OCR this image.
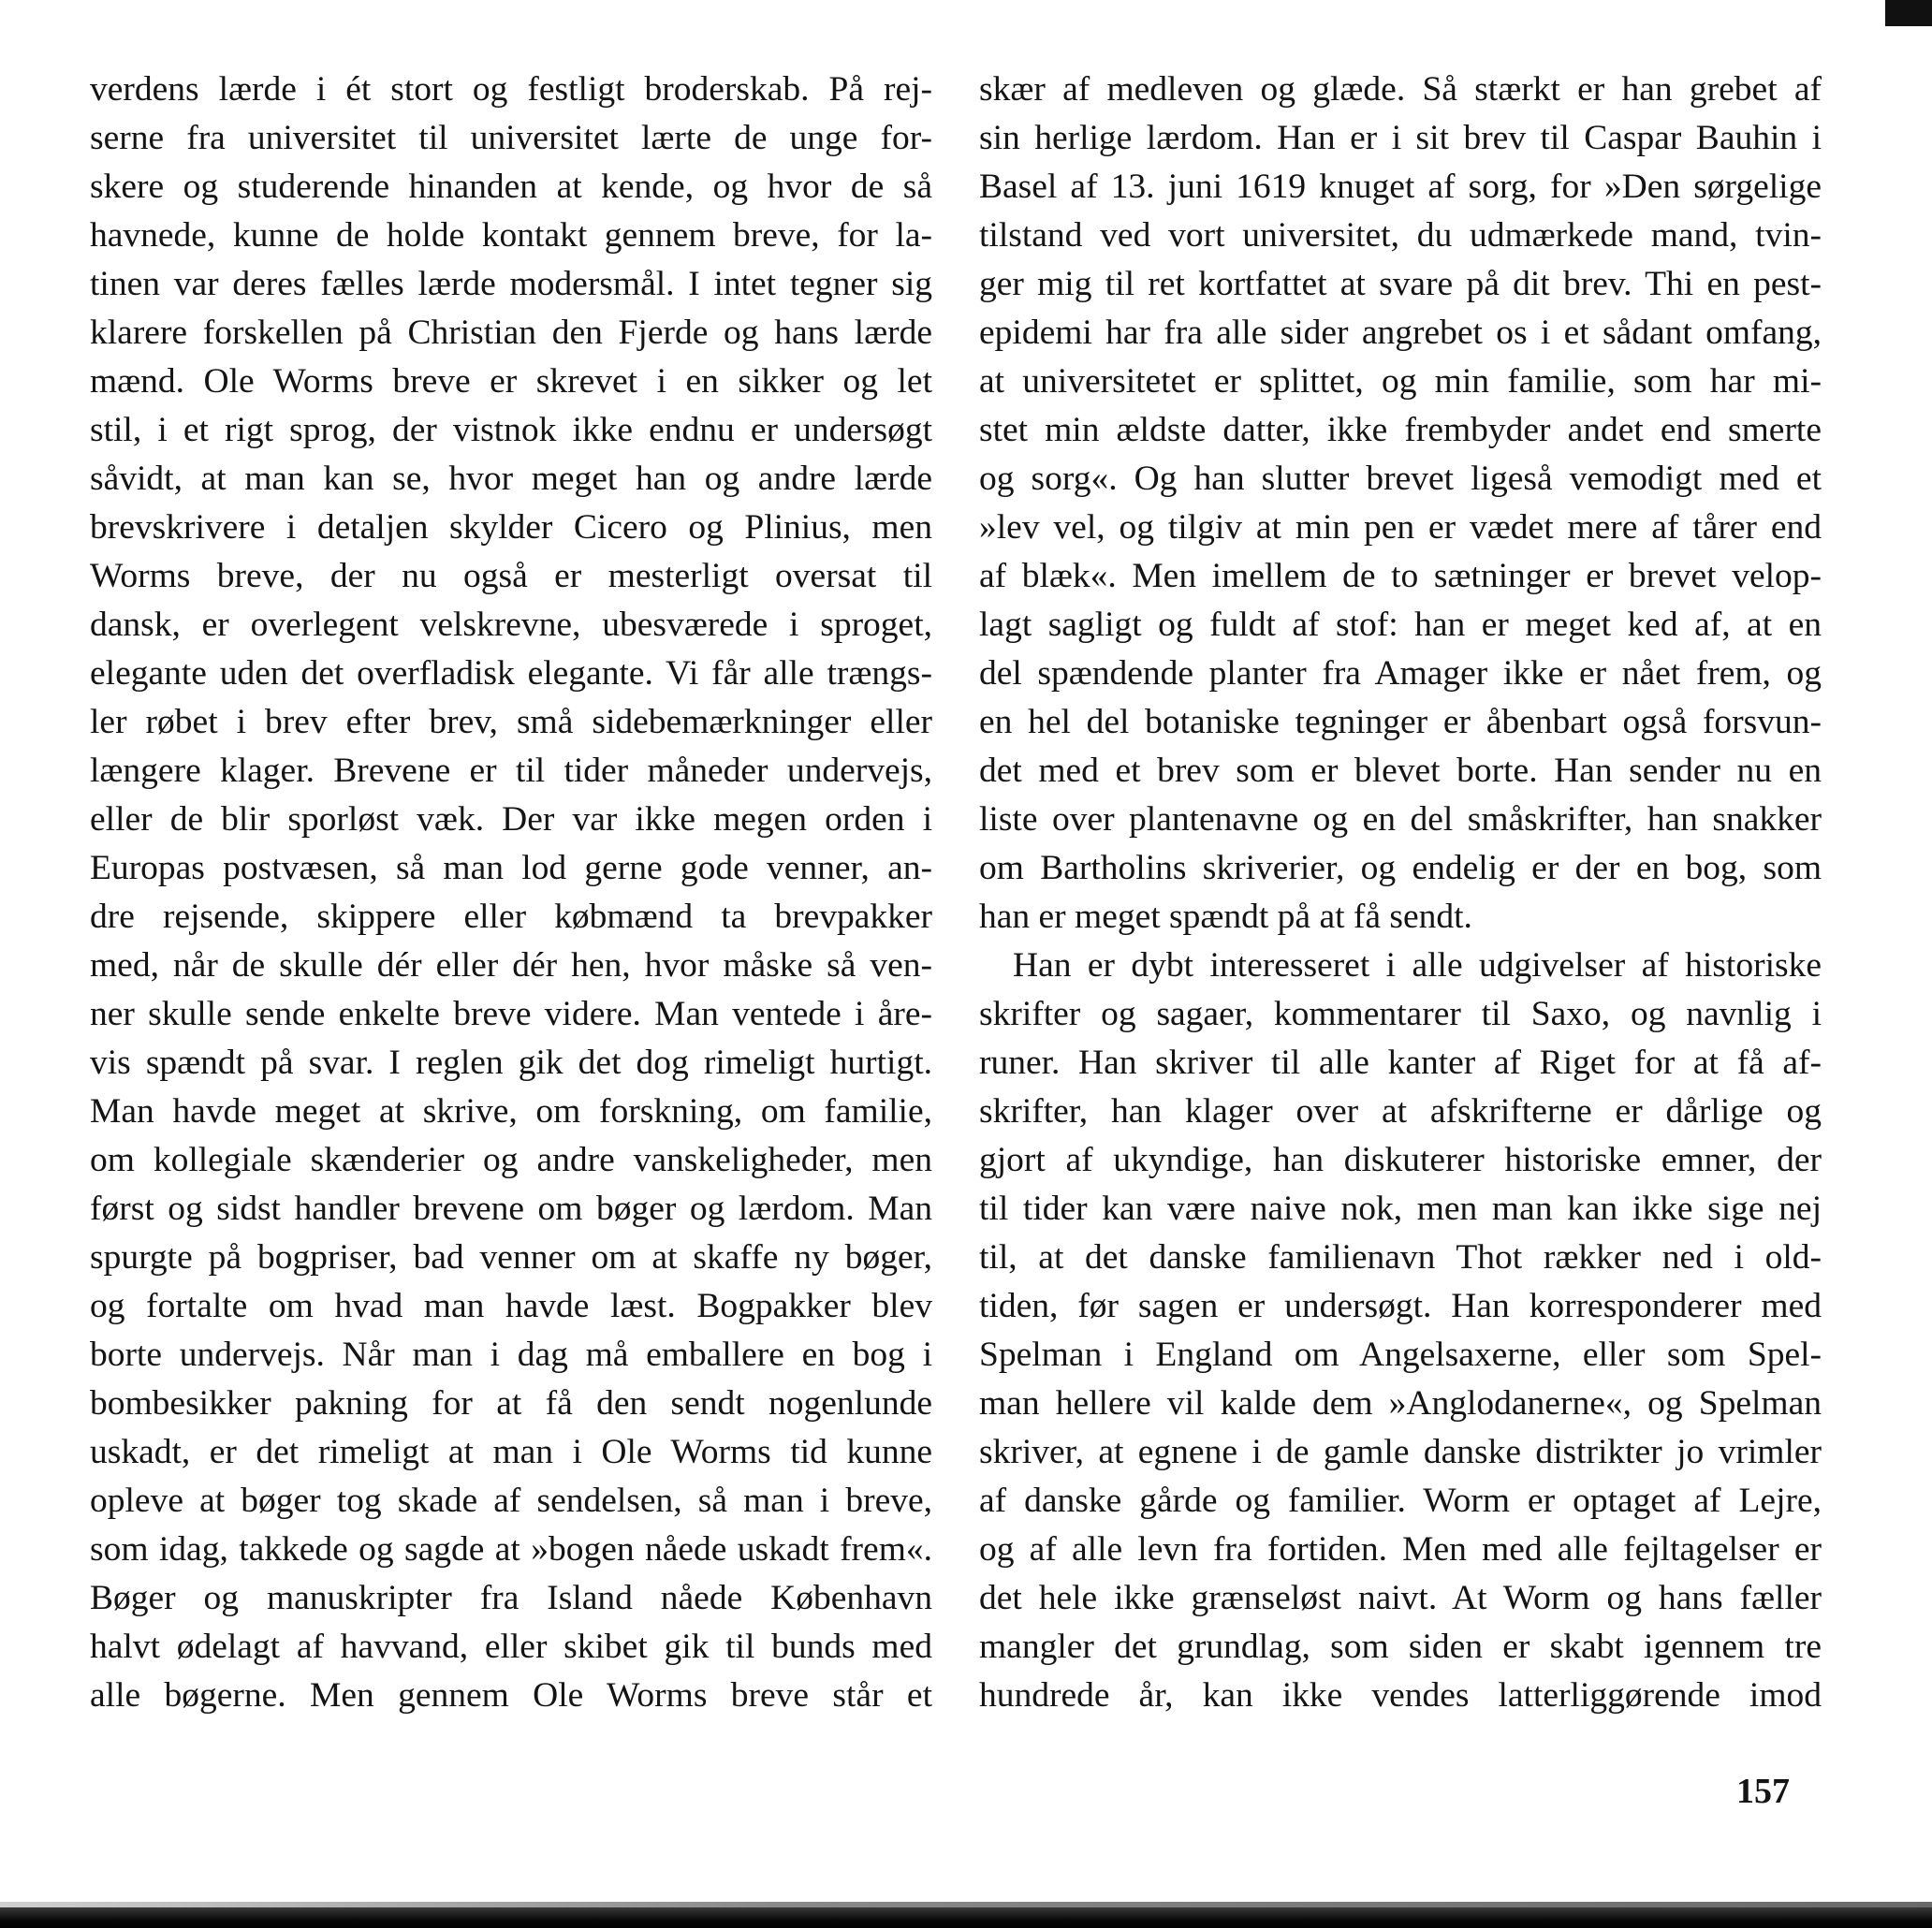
verdens lærde i ét stort og festligt broderskab. På rej-
serne fra universitet til universitet lærte de unge for-
skere og studerende hinanden at kende, og hvor de så
havnede, kunne de holde kontakt gennem breve, for la-
tinen var deres fælles lærde modersmål. I intet tegner sig
klarere forskellen på Christian den Fjerde og hans lærde
mænd. Ole Worms breve er skrevet i en sikker og let
stil, i et rigt sprog, der vistnok ikke endnu er undersøgt
såvidt, at man kan se, hvor meget han og andre lærde
brevskrivere i detaljen skylder Cicero og Plinius, men
Worms breve, der nu også er mesterligt oversat til
dansk, er overlegent velskrevne, ubesværede i sproget,
elegante uden det overfladisk elegante. Vi får alle trængs-
ler røbet i brev efter brev, små sidebemærkninger eller
længere klager. Brevene er til tider måneder undervejs,
eller de blir sporløst væk. Der var ikke megen orden i
Europas postvæsen, så man lod gerne gode venner, an-
dre rejsende, skippere eller købmænd ta brevpakker
med, når de skulle dér eller dér hen, hvor måske så ven-
ner skulle sende enkelte breve videre. Man ventede i åre-
vis spændt på svar. I reglen gik det dog rimeligt hurtigt.
Man havde meget at skrive, om forskning, om familie,
om kollegiale skænderier og andre vanskeligheder, men
først og sidst handler brevene om bøger og lærdom. Man
spurgte på bogpriser, bad venner om at skaffe ny bøger,
og fortalte om hvad man havde læst. Bogpakker blev
borte undervejs. Når man i dag må emballere en bog i
bombesikker pakning for at få den sendt nogenlunde
uskadt, er det rimeligt at man i Ole Worms tid kunne
opleve at bøger tog skade af sendelsen, så man i breve,
som idag, takkede og sagde at »bogen nåede uskadt frem«.
Bøger og manuskripter fra Island nåede København
halvt ødelagt af havvand, eller skibet gik til bunds med
alle bøgerne. Men gennem Ole Worms breve står et
skær af medleven og glæde. Så stærkt er han grebet af
sin herlige lærdom. Han er i sit brev til Caspar Bauhin i
Basel af 13. juni 1619 knuget af sorg, for »Den sørgelige
tilstand ved vort universitet, du udmærkede mand, tvin-
ger mig til ret kortfattet at svare på dit brev. Thi en pest-
epidemi har fra alle sider angrebet os i et sådant omfang,
at universitetet er splittet, og min familie, som har mi-
stet min ældste datter, ikke frembyder andet end smerte
og sorg«. Og han slutter brevet ligeså vemodigt med et
»lev vel, og tilgiv at min pen er vædet mere af tårer end
af blæk«. Men imellem de to sætninger er brevet velop-
lagt sagligt og fuldt af stof: han er meget ked af, at en
del spændende planter fra Amager ikke er nået frem, og
en hel del botaniske tegninger er åbenbart også forsvun-
det med et brev som er blevet borte. Han sender nu en
liste over plantenavne og en del småskrifter, han snakker
om Bartholins skriverier, og endelig er der en bog, som
han er meget spændt på at få sendt.
Han er dybt interesseret i alle udgivelser af historiske
skrifter og sagaer, kommentarer til Saxo, og navnlig i
runer. Han skriver til alle kanter af Riget for at få af-
skrifter, han klager over at afskrifterne er dårlige og
gjort af ukyndige, han diskuterer historiske emner, der
til tider kan være naive nok, men man kan ikke sige nej
til, at det danske familienavn Thot rækker ned i old-
tiden, før sagen er undersøgt. Han korresponderer med
Spelman i England om Angelsaxerne, eller som Spel-
man hellere vil kalde dem »Anglodanerne«, og Spelman
skriver, at egnene i de gamle danske distrikter jo vrimler
af danske gårde og familier. Worm er optaget af Lejre,
og af alle levn fra fortiden. Men med alle fejltagelser er
det hele ikke grænseløst naivt. At Worm og hans fæller
mangler det grundlag, som siden er skabt igennem tre
hundrede år, kan ikke vendes latterliggørende imod
157
